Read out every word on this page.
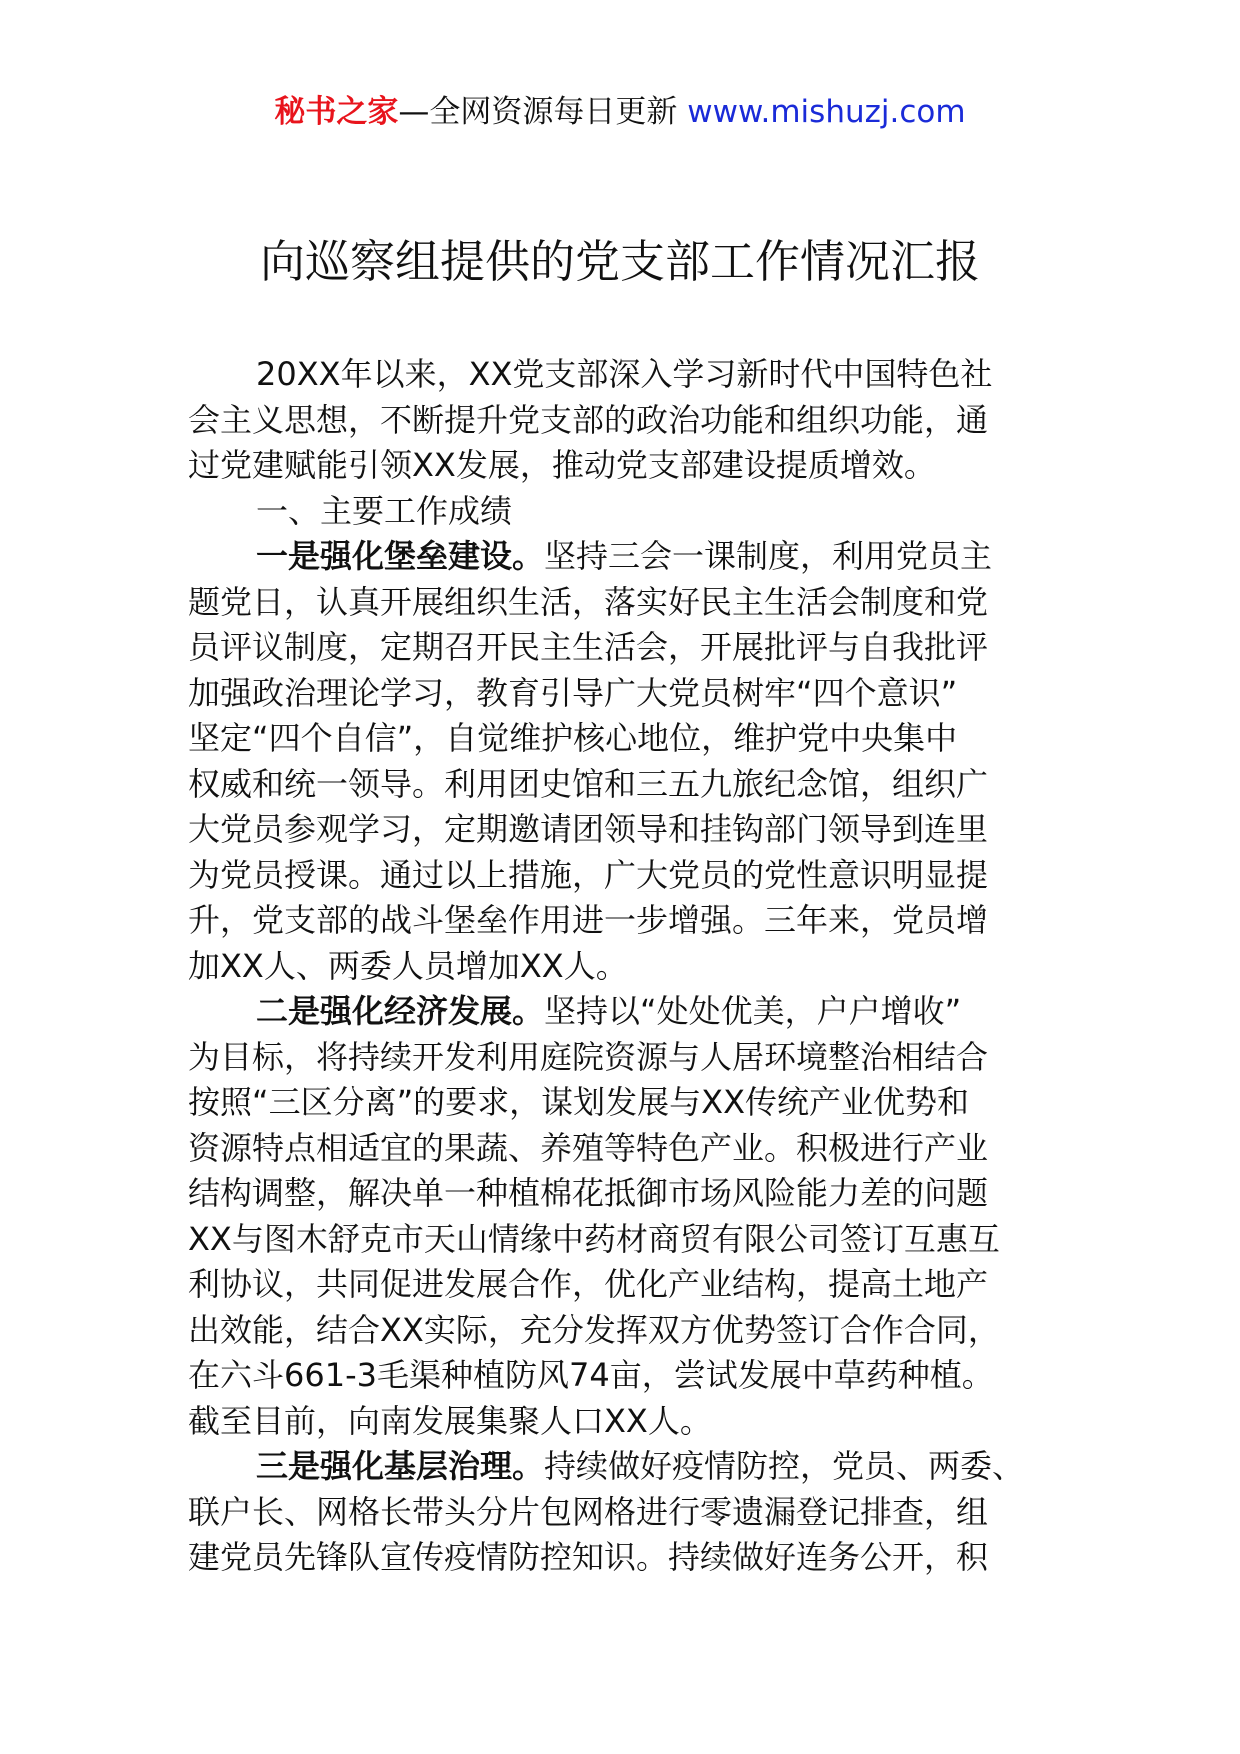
秘书之家—全网资源每日更新 www.mishuzj.com
向巡察组提供的党支部工作情况汇报
20XX年以来，XX党支部深入学习新时代中国特色社
会主义思想，不断提升党支部的政治功能和组织功能，通
过党建赋能引领XX发展，推动党支部建设提质增效。
一、主要工作成绩
一是强化堡垒建设。坚持三会一课制度，利用党员主
题党日，认真开展组织生活，落实好民主生活会制度和党
员评议制度，定期召开民主生活会，开展批评与自我批评
加强政治理论学习，教育引导广大党员树牢“四个意识”
坚定“四个自信”，自觉维护核心地位，维护党中央集中
权威和统一领导。利用团史馆和三五九旅纪念馆，组织广
大党员参观学习，定期邀请团领导和挂钩部门领导到连里
为党员授课。通过以上措施，广大党员的党性意识明显提
升，党支部的战斗堡垒作用进一步增强。三年来，党员增
加XX人、两委人员增加XX人。
二是强化经济发展。坚持以“处处优美，户户增收”
为目标，将持续开发利用庭院资源与人居环境整治相结合
按照“三区分离”的要求，谋划发展与XX传统产业优势和
资源特点相适宜的果蔬、养殖等特色产业。积极进行产业
结构调整，解决单一种植棉花抵御市场风险能力差的问题
XX与图木舒克市天山情缘中药材商贸有限公司签订互惠互
利协议，共同促进发展合作，优化产业结构，提高土地产
出效能，结合XX实际，充分发挥双方优势签订合作合同，
在六斗661-3毛渠种植防风74亩，尝试发展中草药种植。
截至目前，向南发展集聚人口XX人。
三是强化基层治理。持续做好疫情防控，党员、两委、
联户长、网格长带头分片包网格进行零遗漏登记排查，组
建党员先锋队宣传疫情防控知识。持续做好连务公开，积
